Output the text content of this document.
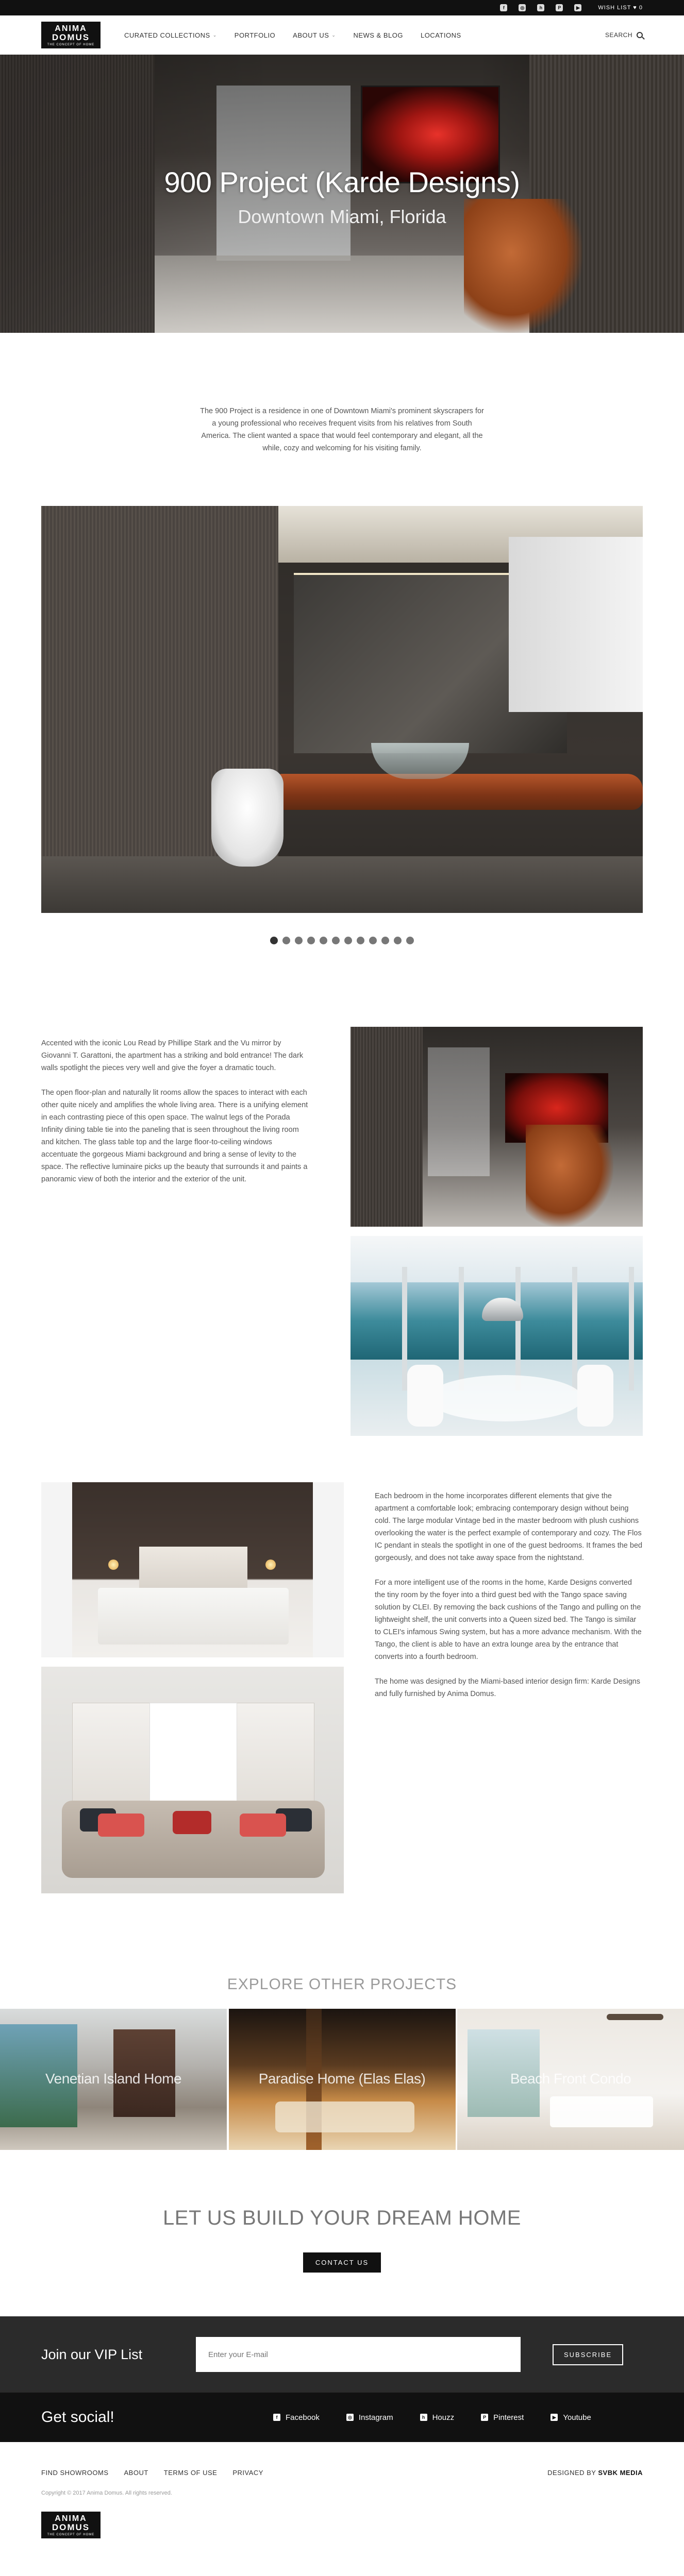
f	◎	h	P	▶	WISH LIST ♥ 0
ANIMA
DOMUS
THE CONCEPT OF HOME
CURATED COLLECTIONS ⌄	PORTFOLIO	ABOUT US ⌄	NEWS & BLOG	LOCATIONS	SEARCH
900 Project (Karde Designs)
Downtown Miami, Florida

The 900 Project is a residence in one of Downtown Miami's prominent skyscrapers for a young professional who receives frequent visits from his relatives from South America. The client wanted a space that would feel contemporary and elegant, all the while, cozy and welcoming for his visiting family.

Accented with the iconic Lou Read by Phillipe Stark and the Vu mirror by Giovanni T. Garattoni, the apartment has a striking and bold entrance! The dark walls spotlight the pieces very well and give the foyer a dramatic touch.

The open floor-plan and naturally lit rooms allow the spaces to interact with each other quite nicely and amplifies the whole living area. There is a unifying element in each contrasting piece of this open space. The walnut legs of the Porada Infinity dining table tie into the paneling that is seen throughout the living room and kitchen. The glass table top and the large floor-to-ceiling windows accentuate the gorgeous Miami background and bring a sense of levity to the space. The reflective luminaire picks up the beauty that surrounds it and paints a panoramic view of both the interior and the exterior of the unit.

Each bedroom in the home incorporates different elements that give the apartment a comfortable look; embracing contemporary design without being cold. The large modular Vintage bed in the master bedroom with plush cushions overlooking the water is the perfect example of contemporary and cozy. The Flos IC pendant in steals the spotlight in one of the guest bedrooms. It frames the bed gorgeously, and does not take away space from the nightstand.

For a more intelligent use of the rooms in the home, Karde Designs converted the tiny room by the foyer into a third guest bed with the Tango space saving solution by CLEI. By removing the back cushions of the Tango and pulling on the lightweight shelf, the unit converts into a Queen sized bed. The Tango is similar to CLEI's infamous Swing system, but has a more advance mechanism. With the Tango, the client is able to have an extra lounge area by the entrance that converts into a fourth bedroom.

The home was designed by the Miami-based interior design firm: Karde Designs and fully furnished by Anima Domus.

EXPLORE OTHER PROJECTS
Venetian Island Home	Paradise Home (Elas Elas)	Beach Front Condo
LET US BUILD YOUR DREAM HOME
CONTACT US
Join our VIP List
Enter your E-mail	SUBSCRIBE
Get social!	f	Facebook	◎ Instagram	h Houzz	P Pinterest	▶ Youtube
FIND SHOWROOMS ABOUT TERMS OF USE PRIVACY	DESIGNED BY SVBK MEDIA
Copyright © 2017 Anima Domus. All rights reserved.
ANIMA
DOMUS
THE CONCEPT OF HOME
